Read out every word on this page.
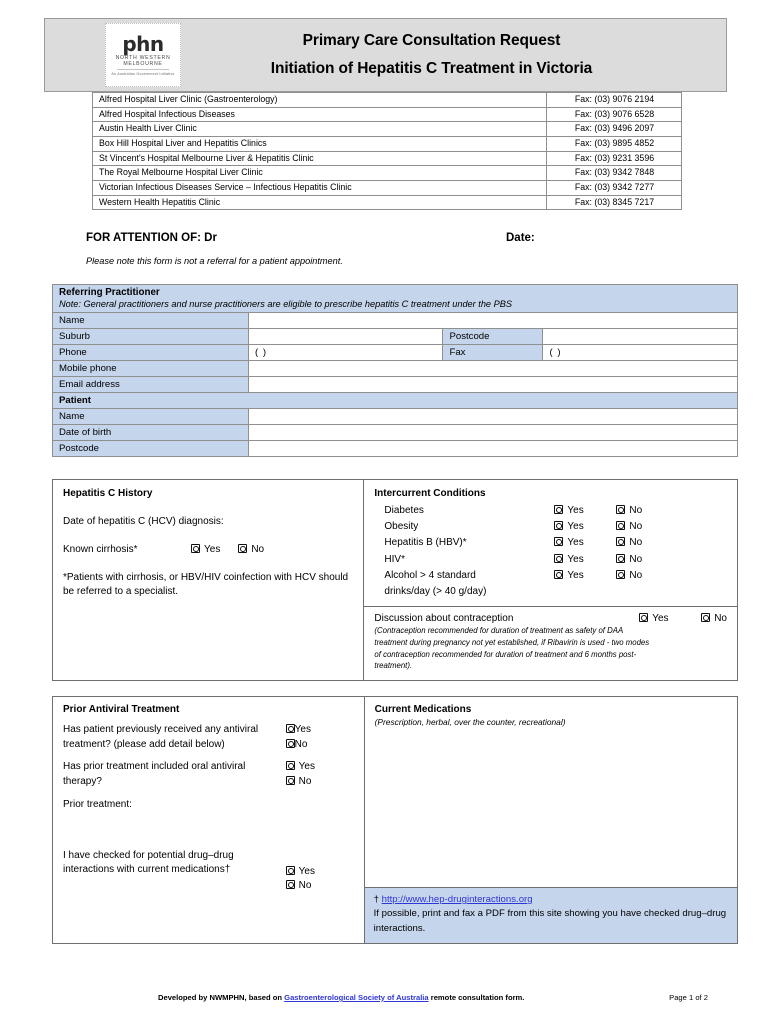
phn
NORTH WESTERN
MELBOURNE
An Australian Government Initiative
Primary Care Consultation Request
Initiation of Hepatitis C Treatment in Victoria
Alfred Hospital Liver Clinic (Gastroenterology)	Fax: (03) 9076 2194
Alfred Hospital Infectious Diseases	Fax: (03) 9076 6528
Austin Health Liver Clinic	Fax: (03) 9496 2097
Box Hill Hospital Liver and Hepatitis Clinics	Fax: (03) 9895 4852
St Vincent's Hospital Melbourne Liver & Hepatitis Clinic	Fax: (03) 9231 3596
The Royal Melbourne Hospital Liver Clinic	Fax: (03) 9342 7848
Victorian Infectious Diseases Service – Infectious Hepatitis Clinic	Fax: (03) 9342 7277
Western Health Hepatitis Clinic	Fax: (03) 8345 7217
FOR ATTENTION OF: Dr	Date:
Please note this form is not a referral for a patient appointment.
Referring Practitioner
Note: General practitioners and nurse practitioners are eligible to prescribe hepatitis C treatment under the PBS			

Name			
Suburb		Postcode	
Phone	( )	Fax	( )
Mobile phone			
Email address			
Patient			
Name			
Date of birth			
Postcode			
Hepatitis C History
Date of hepatitis C (HCV) diagnosis:
Known cirrhosis*	Yes	No
*Patients with cirrhosis, or HBV/HIV coinfection with HCV should be referred to a specialist.

Intercurrent Conditions
Diabetes	Yes	No
Obesity	Yes	No
Hepatitis B (HBV)*	Yes	No
HIV*	Yes	No
Alcohol > 4 standard	Yes	No
drinks/day (> 40 g/day)

Discussion about contraception	Yes	No
(Contraception recommended for duration of treatment as safety of DAA treatment during pregnancy not yet established, if Ribavirin is used - two modes of contraception recommended for duration of treatment and 6 months post-treatment).
Prior Antiviral Treatment
Has patient previously received any antiviral treatment? (please add detail below)
Yes
No
Has prior treatment included oral antiviral therapy?
Yes
No
Prior treatment:
I have checked for potential drug–drug interactions with current medications†	Yes
No

Current Medications
(Prescription, herbal, over the counter, recreational)
† http://www.hep-druginteractions.org
If possible, print and fax a PDF from this site showing you have checked drug–drug interactions.
Developed by NWMPHN, based on Gastroenterological Society of Australia remote consultation form.	Page 1 of 2
